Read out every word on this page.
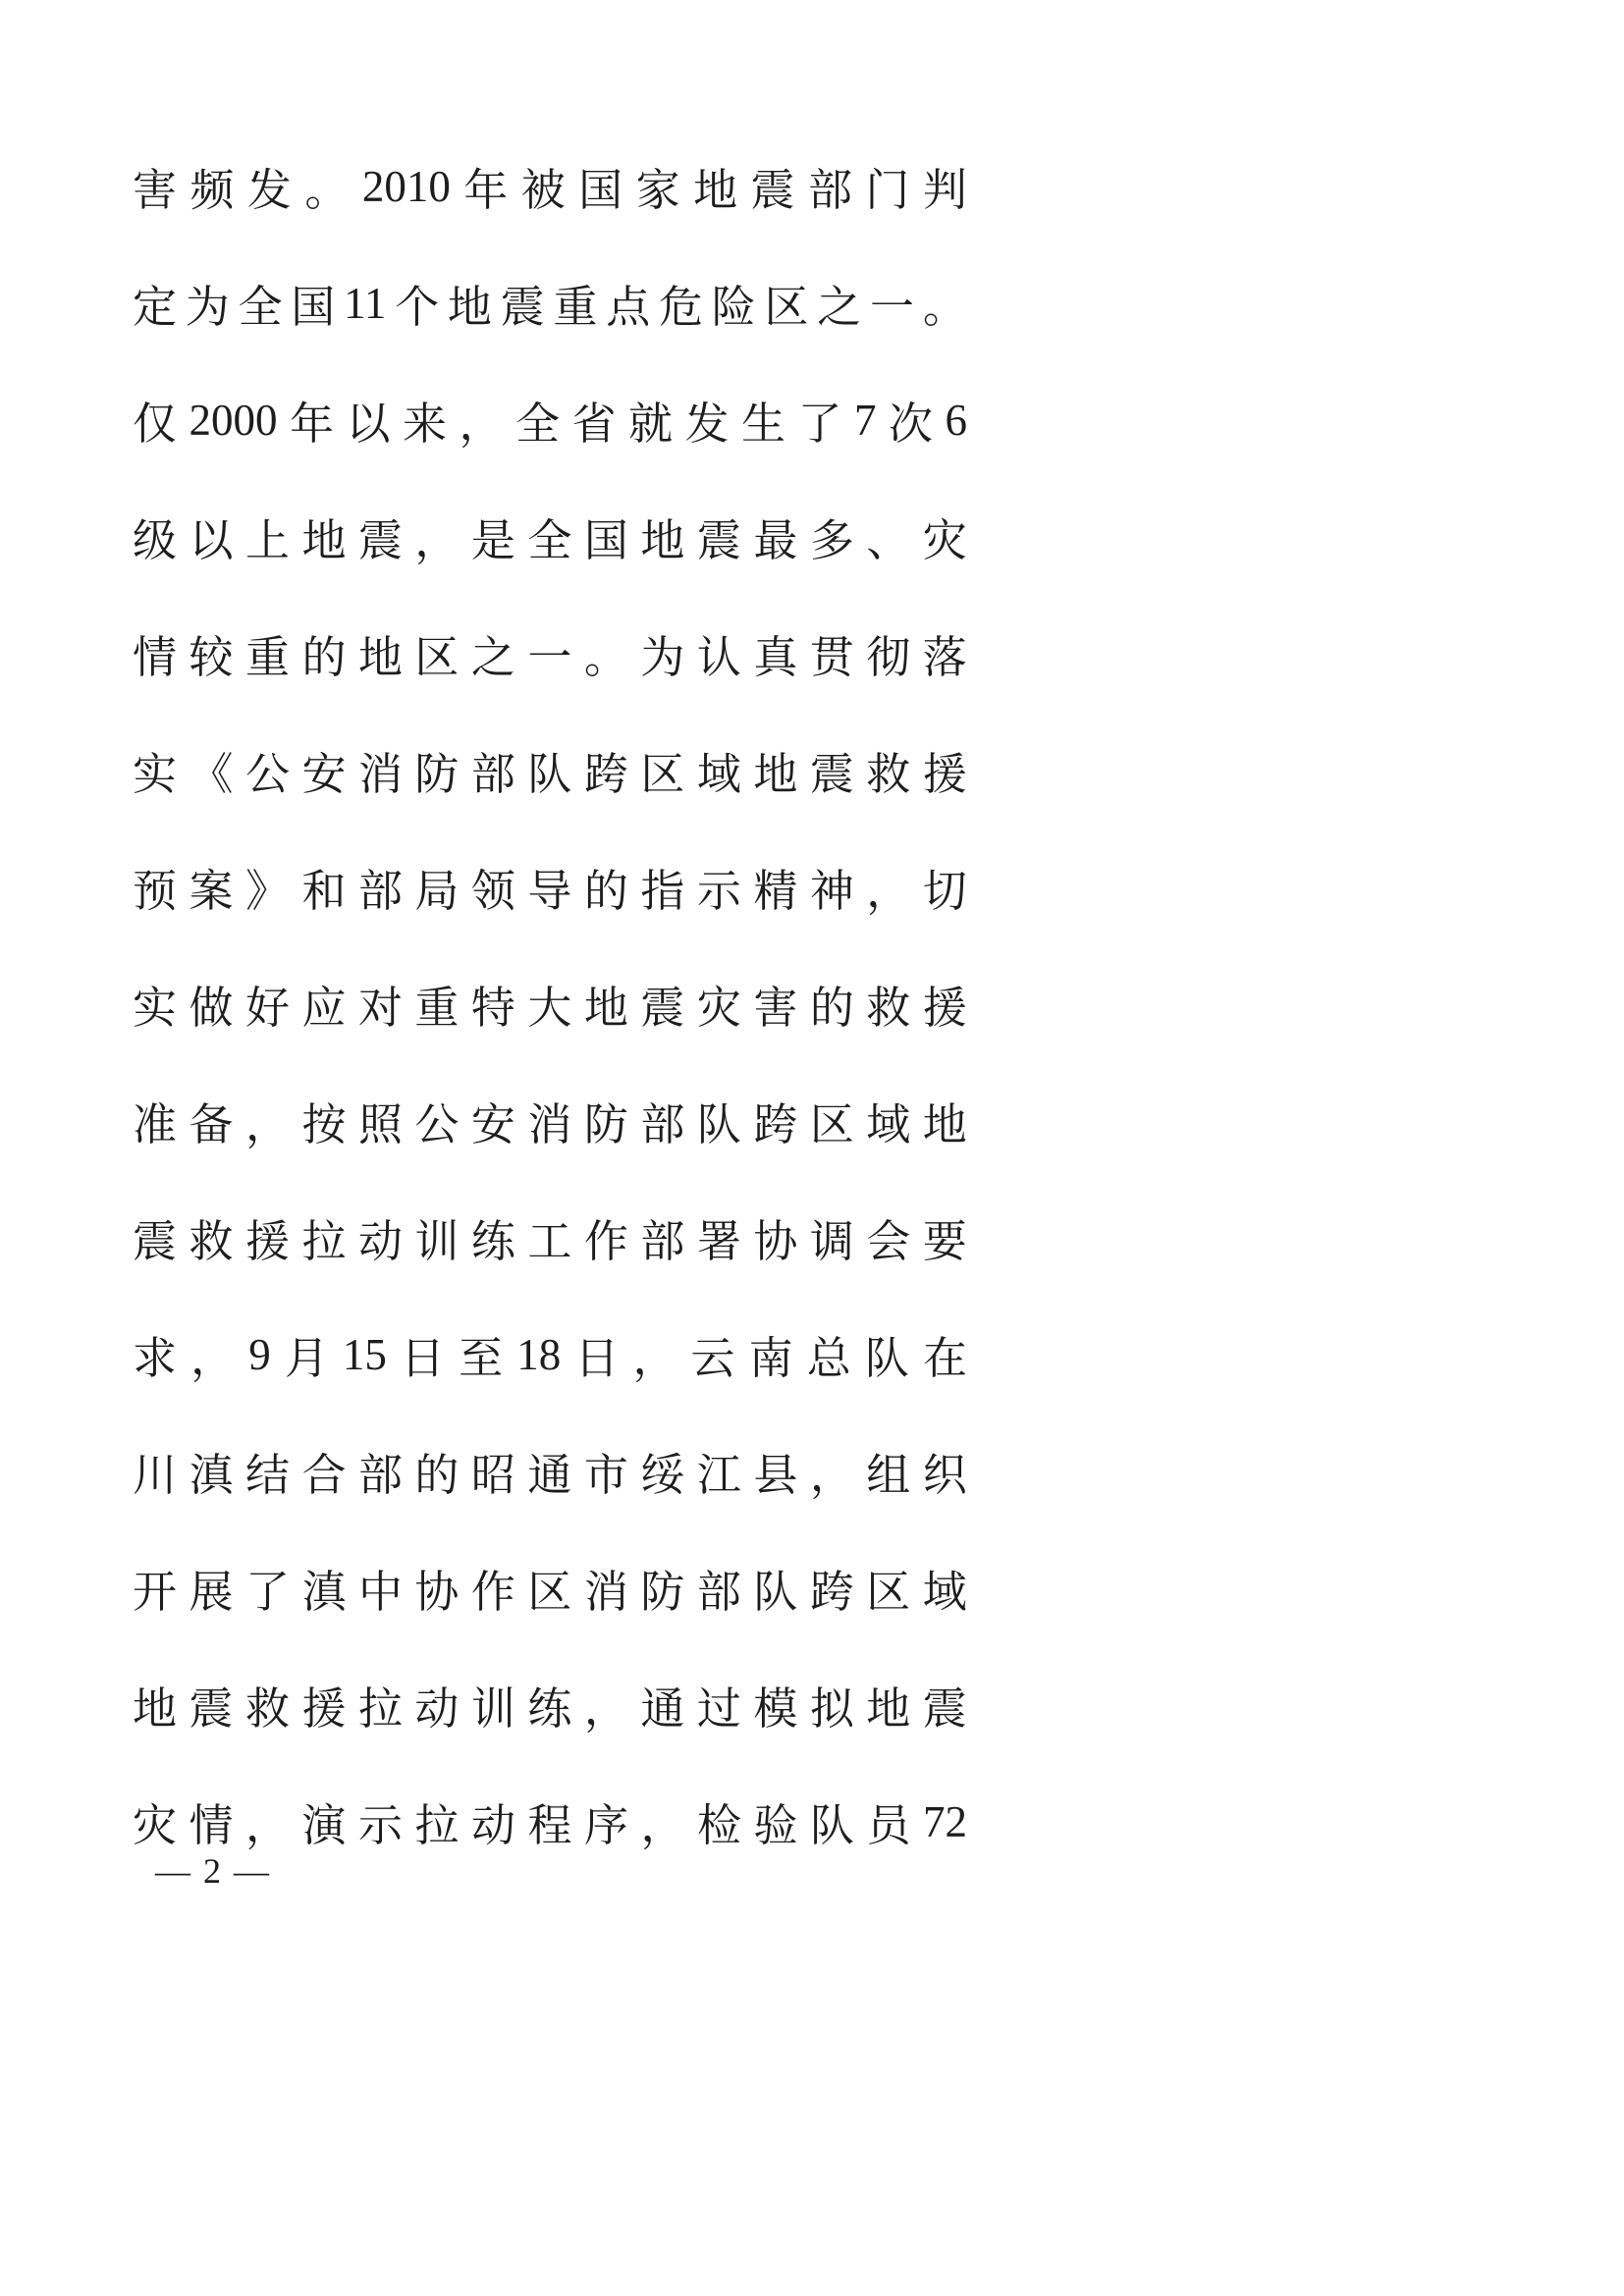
害 频 发 。 2010 年 被 国 家 地 震 部 门 判
定 为 全 国 11 个 地 震 重 点 危 险 区 之 一 。
仅 2000 年 以 来 ， 全 省 就 发 生 了 7 次 6
级 以 上 地 震 ， 是 全 国 地 震 最 多 、 灾
情 较 重 的 地 区 之 一 。 为 认 真 贯 彻 落
实 《 公 安 消 防 部 队 跨 区 域 地 震 救 援
预 案 》 和 部 局 领 导 的 指 示 精 神 ， 切
实 做 好 应 对 重 特 大 地 震 灾 害 的 救 援
准 备 ， 按 照 公 安 消 防 部 队 跨 区 域 地
震 救 援 拉 动 训 练 工 作 部 署 协 调 会 要
求 ， 9 月 15 日 至 18 日 ， 云 南 总 队 在
川 滇 结 合 部 的 昭 通 市 绥 江 县 ， 组 织
开 展 了 滇 中 协 作 区 消 防 部 队 跨 区 域
地 震 救 援 拉 动 训 练 ， 通 过 模 拟 地 震
灾 情 ， 演 示 拉 动 程 序 ， 检 验 队 员 72
— 2 —
